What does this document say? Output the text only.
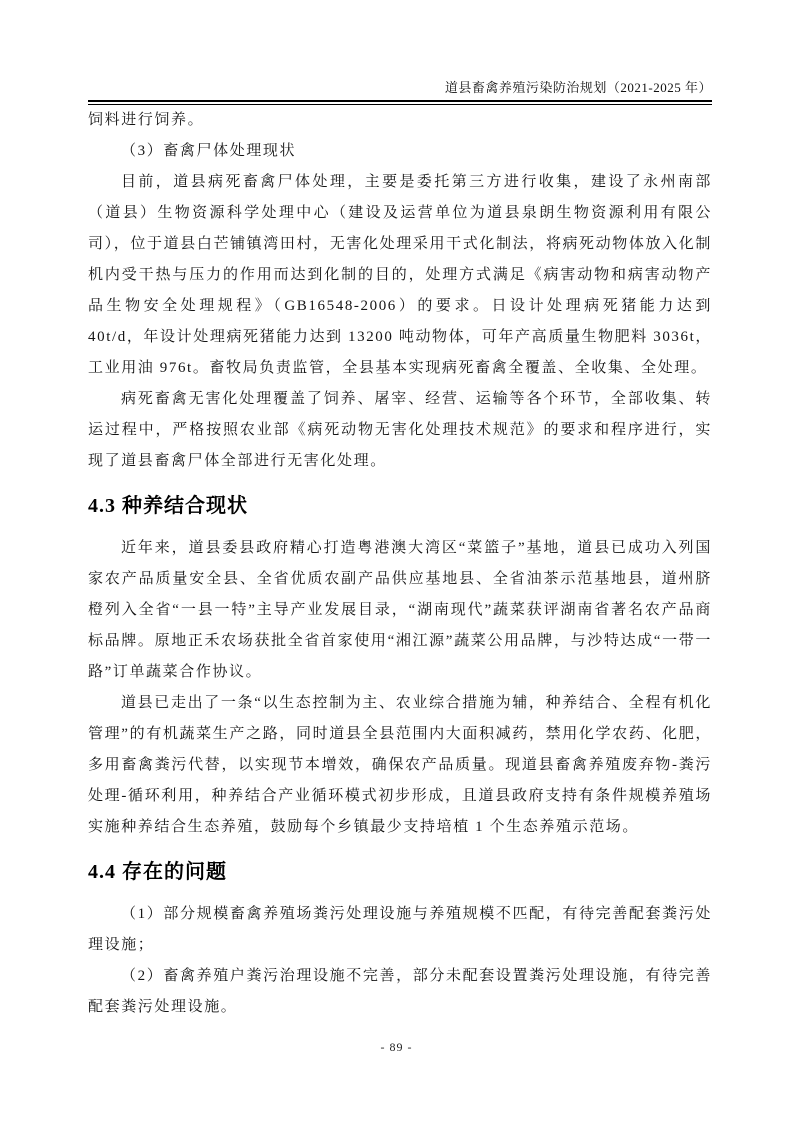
道县畜禽养殖污染防治规划（2021-2025 年）

饲料进行饲养。

（3）畜禽尸体处理现状

目前，道县病死畜禽尸体处理，主要是委托第三方进行收集，建设了永州南部（道县）生物资源科学处理中心（建设及运营单位为道县泉朗生物资源利用有限公司），位于道县白芒铺镇湾田村，无害化处理采用干式化制法，将病死动物体放入化制机内受干热与压力的作用而达到化制的目的，处理方式满足《病害动物和病害动物产品生物安全处理规程》（GB16548-2006）的要求。日设计处理病死猪能力达到 40t/d，年设计处理病死猪能力达到 13200 吨动物体，可年产高质量生物肥料 3036t，工业用油 976t。畜牧局负责监管，全县基本实现病死畜禽全覆盖、全收集、全处理。

病死畜禽无害化处理覆盖了饲养、屠宰、经营、运输等各个环节，全部收集、转运过程中，严格按照农业部《病死动物无害化处理技术规范》的要求和程序进行，实现了道县畜禽尸体全部进行无害化处理。

4.3 种养结合现状

近年来，道县委县政府精心打造粤港澳大湾区“菜篮子”基地，道县已成功入列国家农产品质量安全县、全省优质农副产品供应基地县、全省油茶示范基地县，道州脐橙列入全省“一县一特”主导产业发展目录，“湖南现代”蔬菜获评湖南省著名农产品商标品牌。原地正禾农场获批全省首家使用“湘江源”蔬菜公用品牌，与沙特达成“一带一路”订单蔬菜合作协议。

道县已走出了一条“以生态控制为主、农业综合措施为辅，种养结合、全程有机化管理”的有机蔬菜生产之路，同时道县全县范围内大面积减药，禁用化学农药、化肥，多用畜禽粪污代替，以实现节本增效，确保农产品质量。现道县畜禽养殖废弃物-粪污处理-循环利用，种养结合产业循环模式初步形成，且道县政府支持有条件规模养殖场实施种养结合生态养殖，鼓励每个乡镇最少支持培植 1 个生态养殖示范场。

4.4 存在的问题

（1）部分规模畜禽养殖场粪污处理设施与养殖规模不匹配，有待完善配套粪污处理设施；

（2）畜禽养殖户粪污治理设施不完善，部分未配套设置粪污处理设施，有待完善配套粪污处理设施。

- 89 -
